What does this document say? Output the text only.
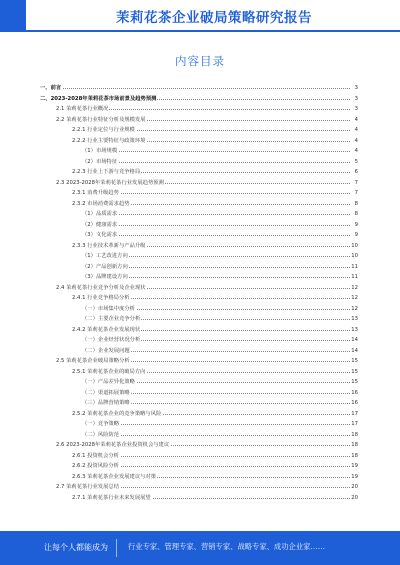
茉莉花茶企业破局策略研究报告
内容目录
一、前言	3
二、2023-2028年茉莉花茶市场前景及趋势预测	3
2.1 茉莉花茶行业概况	3
2.2 茉莉花茶行业特征分析及规模发展	4
2.2.1 行业定位与行业规模	4
2.2.2 行业主要特征与政策环境	4
（1）市场规模	4
（2）市场特征	5
2.2.3 行业上下游与竞争格局	6
2.3 2023-2028年茉莉花茶行业发展趋势预测	7
2.3.1 消费升级趋势	7
2.3.2 市场消费需求趋势	8
（1）品质需求	8
（2）健康需求	9
（3）文化需求	9
2.3.3 行业技术革新与产品升级	10
（1）工艺改进方向	10
（2）产品创新方向	11
（3）品牌建设方向	11
2.4 茉莉花茶行业竞争分析及企业现状	12
2.4.1 行业竞争格局分析	12
（一）市场集中度分析	12
（二）主要企业竞争分析	13
2.4.2 茉莉花茶企业发展现状	13
（一）企业经营状况分析	14
（二）企业发展问题	14
2.5 茉莉花茶企业破局策略分析	15
2.5.1 茉莉花茶企业的破局方向	15
（一）产品差异化策略	15
（二）渠道拓展策略	16
（三）品牌营销策略	16
2.5.2 茉莉花茶企业的竞争策略与风险	17
（一）竞争策略	17
（二）风险防范	18
2.6 2023-2028年茉莉花茶企业投资机会与建议	18
2.6.1 投资机会分析	18
2.6.2 投资风险分析	19
2.6.3 茉莉花茶企业发展建议与对策	19
2.7 茉莉花茶行业发展总结	20
2.7.1 茉莉花茶行业未来发展展望	20
让每个人都能成为	行业专家、管理专家、营销专家、战略专家、成功企业家……
